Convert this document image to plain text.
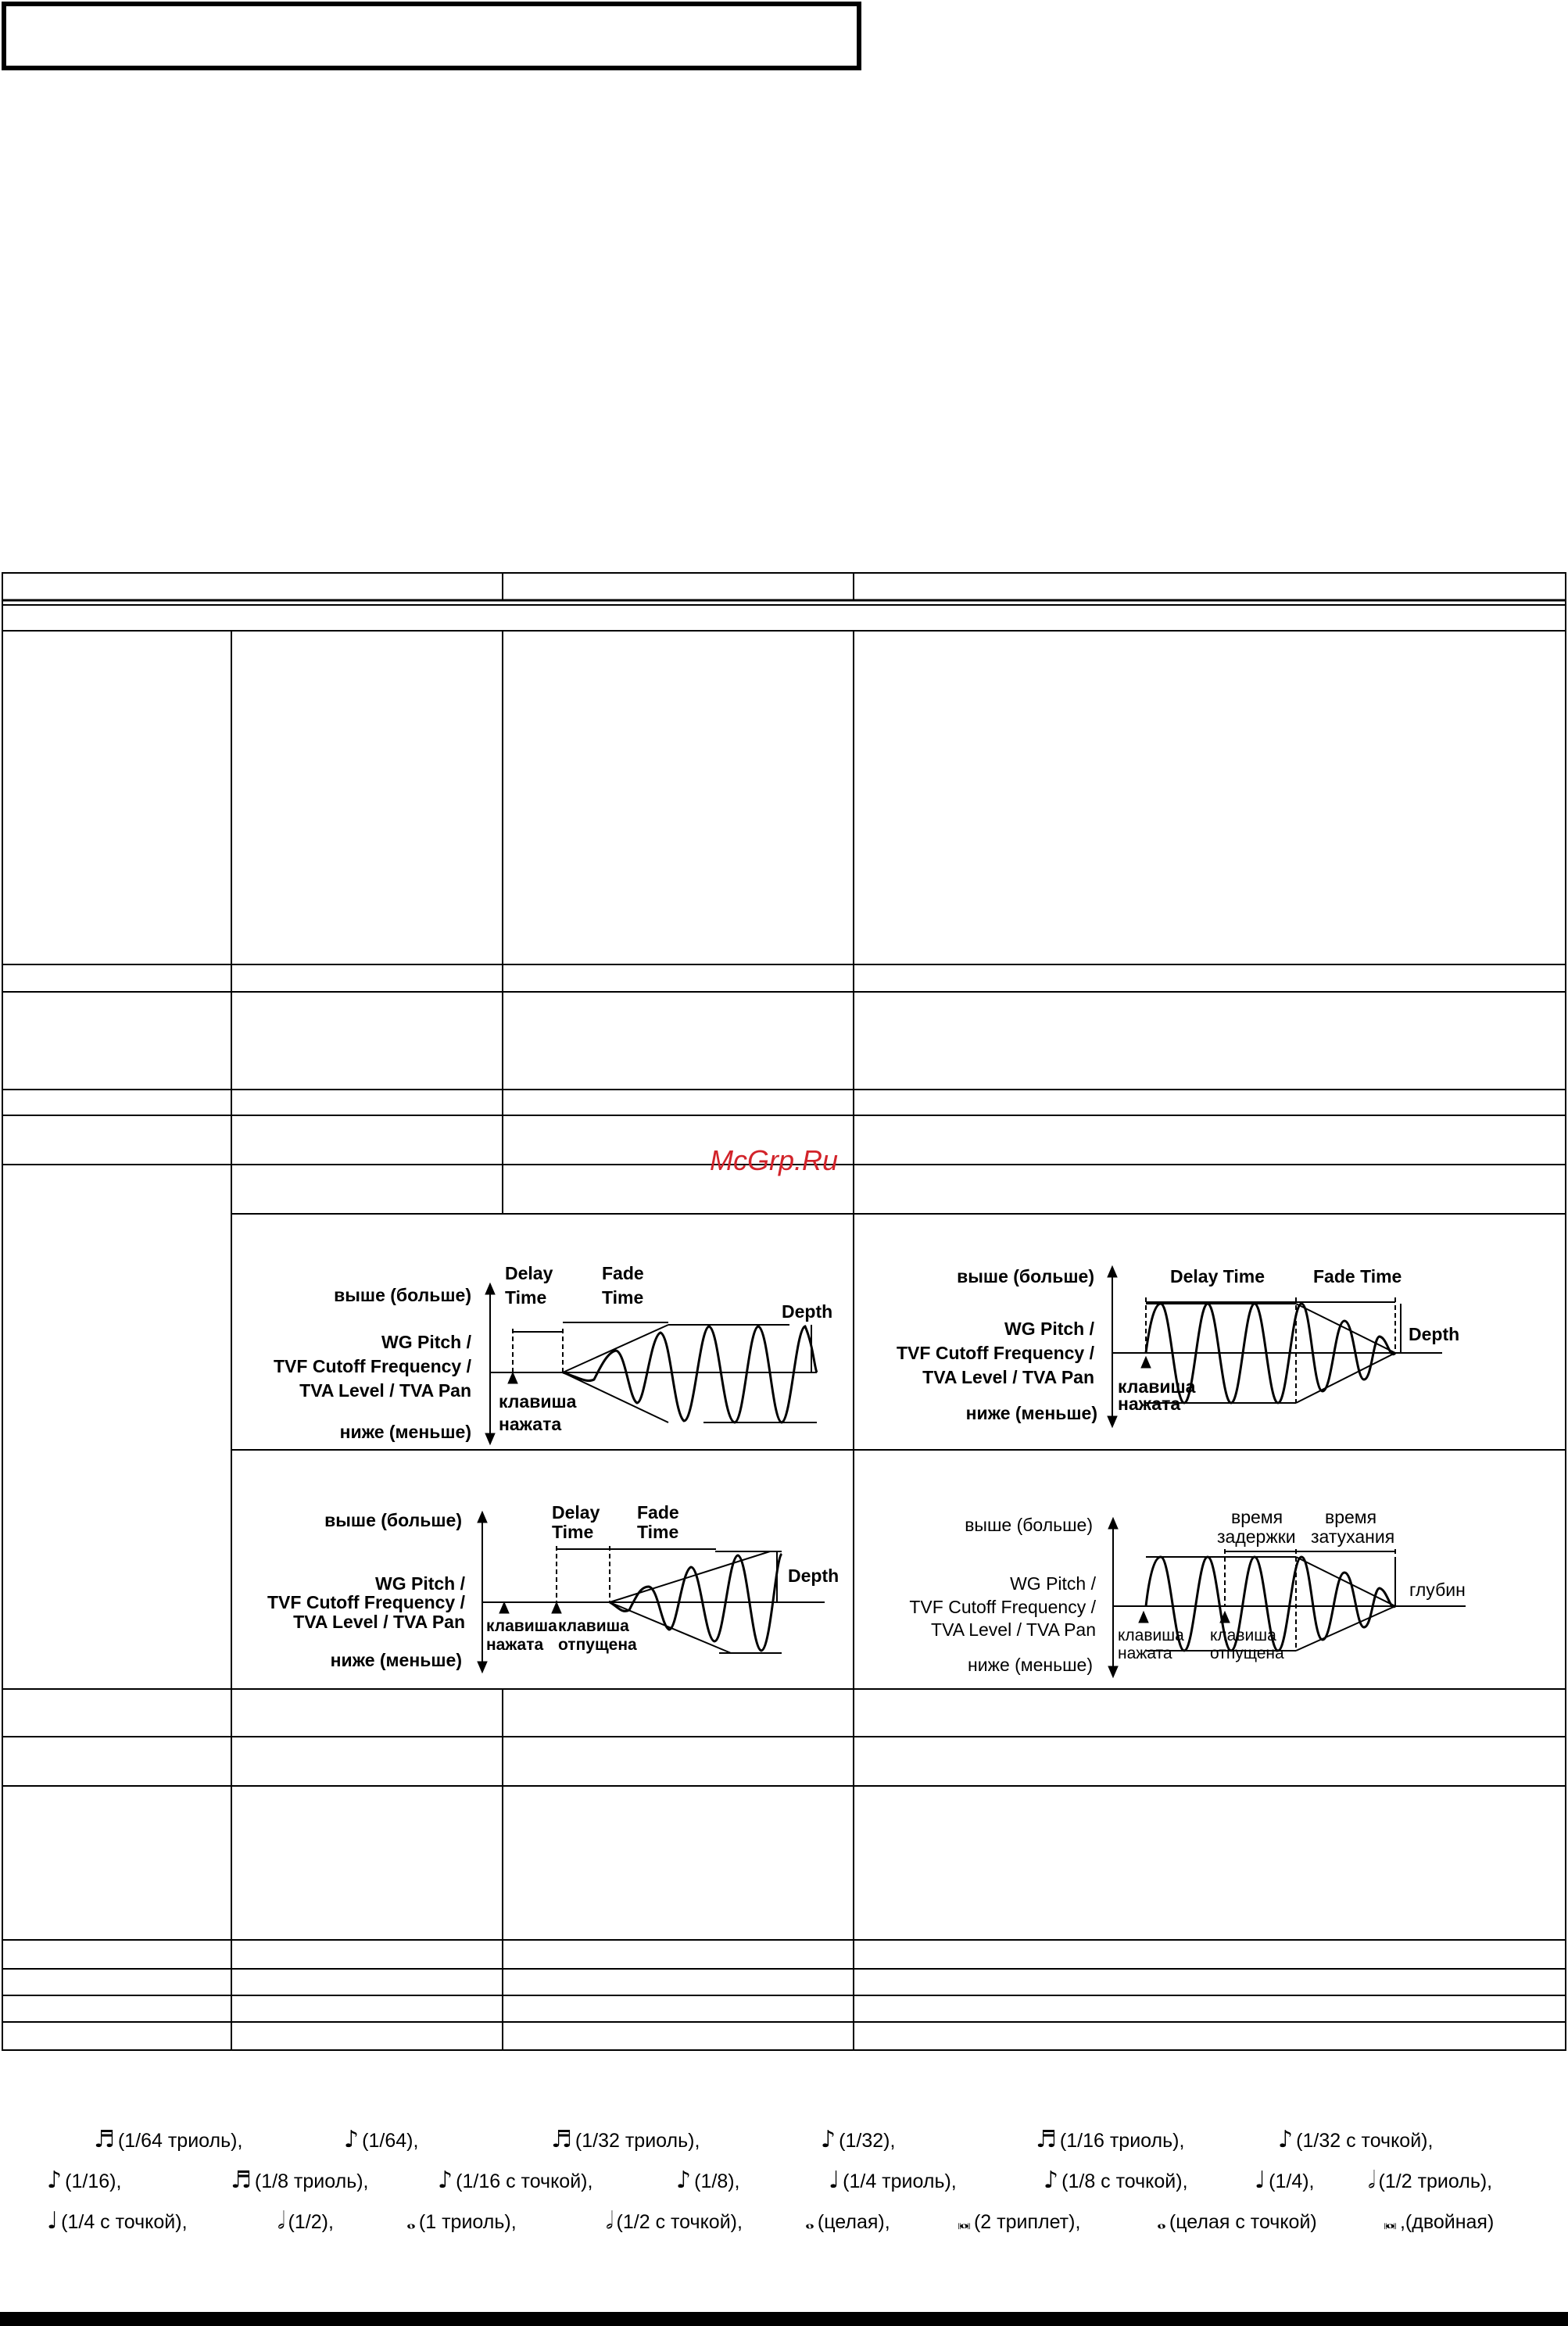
выше (больше)
WG Pitch /
TVF Cutoff Frequency /
TVA Level / TVA Pan
ниже (меньше)
Delay
Time
Fade
Time
Depth
клавиша
нажата
выше (больше)
WG Pitch /
TVF Cutoff Frequency /
TVA Level / TVA Pan
ниже (меньше)
Delay Time	Fade Time
Depth
клавиша
нажата
выше (больше)
WG Pitch /
TVF Cutoff Frequency /
TVA Level / TVA Pan
ниже (меньше)
Delay
Time
Fade
Time
Depth
клавиша
нажата
клавиша
отпущена
выше (больше)
WG Pitch /
TVF Cutoff Frequency /
TVA Level / TVA Pan
ниже (меньше)
время
задержки
время
затухания
глубин
клавиша
нажата
клавиша
отпущена
McGrp.Ru
♬ (1/64 триоль),	♪ (1/64),	♬ (1/32 триоль),	♪ (1/32),	♬ (1/16 триоль),	♪ (1/32 с точкой),
♪ (1/16),	♬ (1/8 триоль),	♪ (1/16 с точкой),	♪ (1/8),	♩ (1/4 триоль),	♪ (1/8 с точкой),	♩ (1/4), 𝅗𝅥 (1/2 триоль),
♩ (1/4 с точкой),	𝅗𝅥 (1/2),	𝅝 (1 триоль),	𝅗𝅥 (1/2 с точкой),	𝅝 (целая),	𝅜 (2 триплет),	𝅝 (целая с точкой)	𝅜 ,(двойная)
